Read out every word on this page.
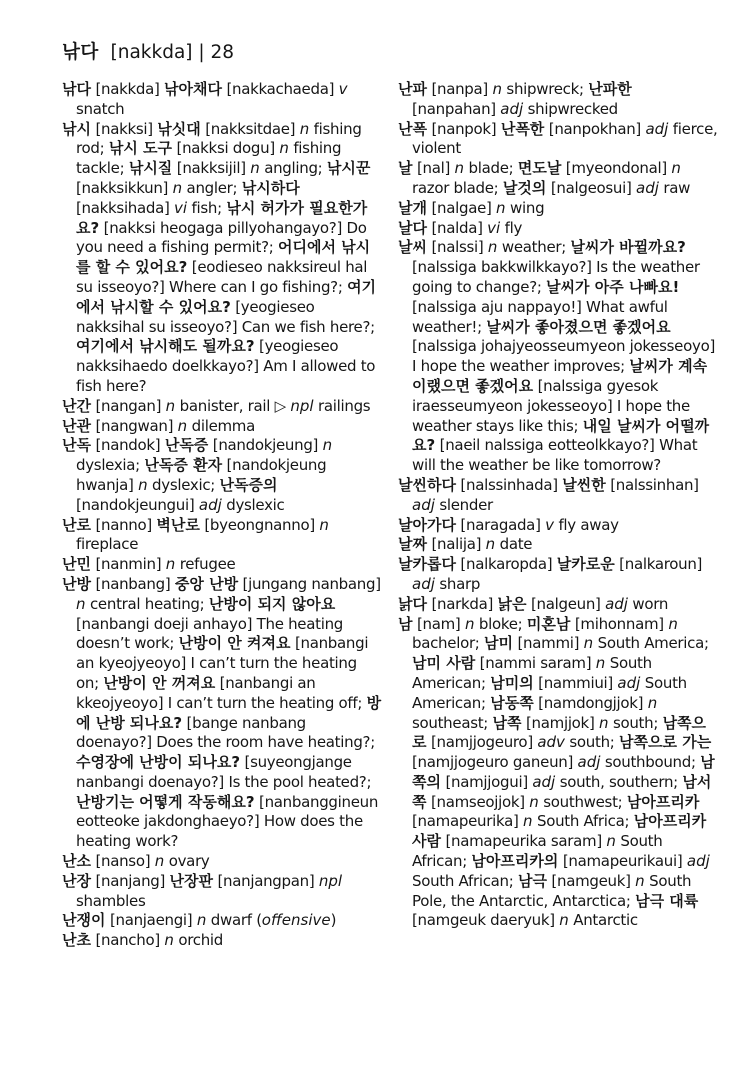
낚다 [nakkda] | 28

낚다 [nakkda] 낚아채다 [nakkachaeda] v snatch

낚시 [nakksi] 낚싯대 [nakksitdae] n fishing rod; 낚시 도구 [nakksi dogu] n fishing tackle; 낚시질 [nakksijil] n angling; 낚시꾼 [nakksikkun] n angler; 낚시하다 [nakksihada] vi fish; 낚시 허가가 필요한가요? [nakksi heogaga pillyohangayo?] Do you need a fishing permit?; 어디에서 낚시를 할 수 있어요? [eodieseo nakksireul hal su isseoyo?] Where can I go fishing?; 여기에서 낚시할 수 있어요? [yeogieseo nakksihal su isseoyo?] Can we fish here?; 여기에서 낚시해도 될까요? [yeogieseo nakksihaedo doelkkayo?] Am I allowed to fish here?

난간 [nangan] n banister, rail ▷ npl railings

난관 [nangwan] n dilemma

난독 [nandok] 난독증 [nandokjeung] n dyslexia; 난독증 환자 [nandokjeung hwanja] n dyslexic; 난독증의 [nandokjeungui] adj dyslexic

난로 [nanno] 벽난로 [byeongnanno] n fireplace

난민 [nanmin] n refugee

난방 [nanbang] 중앙 난방 [jungang nanbang] n central heating; 난방이 되지 않아요 [nanbangi doeji anhayo] The heating doesn’t work; 난방이 안 켜져요 [nanbangi an kyeojyeoyo] I can’t turn the heating on; 난방이 안 꺼져요 [nanbangi an kkeojyeoyo] I can’t turn the heating off; 방에 난방 되나요? [bange nanbang doenayo?] Does the room have heating?; 수영장에 난방이 되나요? [suyeongjange nanbangi doenayo?] Is the pool heated?; 난방기는 어떻게 작동해요? [nanbanggineun eotteoke jakdonghaeyo?] How does the heating work?

난소 [nanso] n ovary

난장 [nanjang] 난장판 [nanjangpan] npl shambles

난쟁이 [nanjaengi] n dwarf (offensive)

난초 [nancho] n orchid

난파 [nanpa] n shipwreck; 난파한 [nanpahan] adj shipwrecked

난폭 [nanpok] 난폭한 [nanpokhan] adj fierce, violent

날 [nal] n blade; 면도날 [myeondonal] n razor blade; 날것의 [nalgeosui] adj raw

날개 [nalgae] n wing

날다 [nalda] vi fly

날씨 [nalssi] n weather; 날씨가 바뀔까요? [nalssiga bakkwilkkayo?] Is the weather going to change?; 날씨가 아주 나빠요! [nalssiga aju nappayo!] What awful weather!; 날씨가 좋아졌으면 좋겠어요 [nalssiga johajyeosseumyeon jokesseoyo] I hope the weather improves; 날씨가 계속 이랬으면 좋겠어요 [nalssiga gyesok iraesseumyeon jokesseoyo] I hope the weather stays like this; 내일 날씨가 어떨까요? [naeil nalssiga eotteolkkayo?] What will the weather be like tomorrow?

날씬하다 [nalssinhada] 날씬한 [nalssinhan] adj slender

날아가다 [naragada] v fly away

날짜 [nalija] n date

날카롭다 [nalkaropda] 날카로운 [nalkaroun] adj sharp

낡다 [narkda] 낡은 [nalgeun] adj worn

남 [nam] n bloke; 미혼남 [mihonnam] n bachelor; 남미 [nammi] n South America; 남미 사람 [nammi saram] n South American; 남미의 [nammiui] adj South American; 남동쪽 [namdongjjok] n southeast; 남쪽 [namjjok] n south; 남쪽으로 [namjjogeuro] adv south; 남쪽으로 가는 [namjjogeuro ganeun] adj southbound; 남쪽의 [namjjogui] adj south, southern; 남서쪽 [namseojjok] n southwest; 남아프리카 [namapeurika] n South Africa; 남아프리카 사람 [namapeurika saram] n South African; 남아프리카의 [namapeurikaui] adj South African; 남극 [namgeuk] n South Pole, the Antarctic, Antarctica; 남극 대륙 [namgeuk daeryuk] n Antarctic
